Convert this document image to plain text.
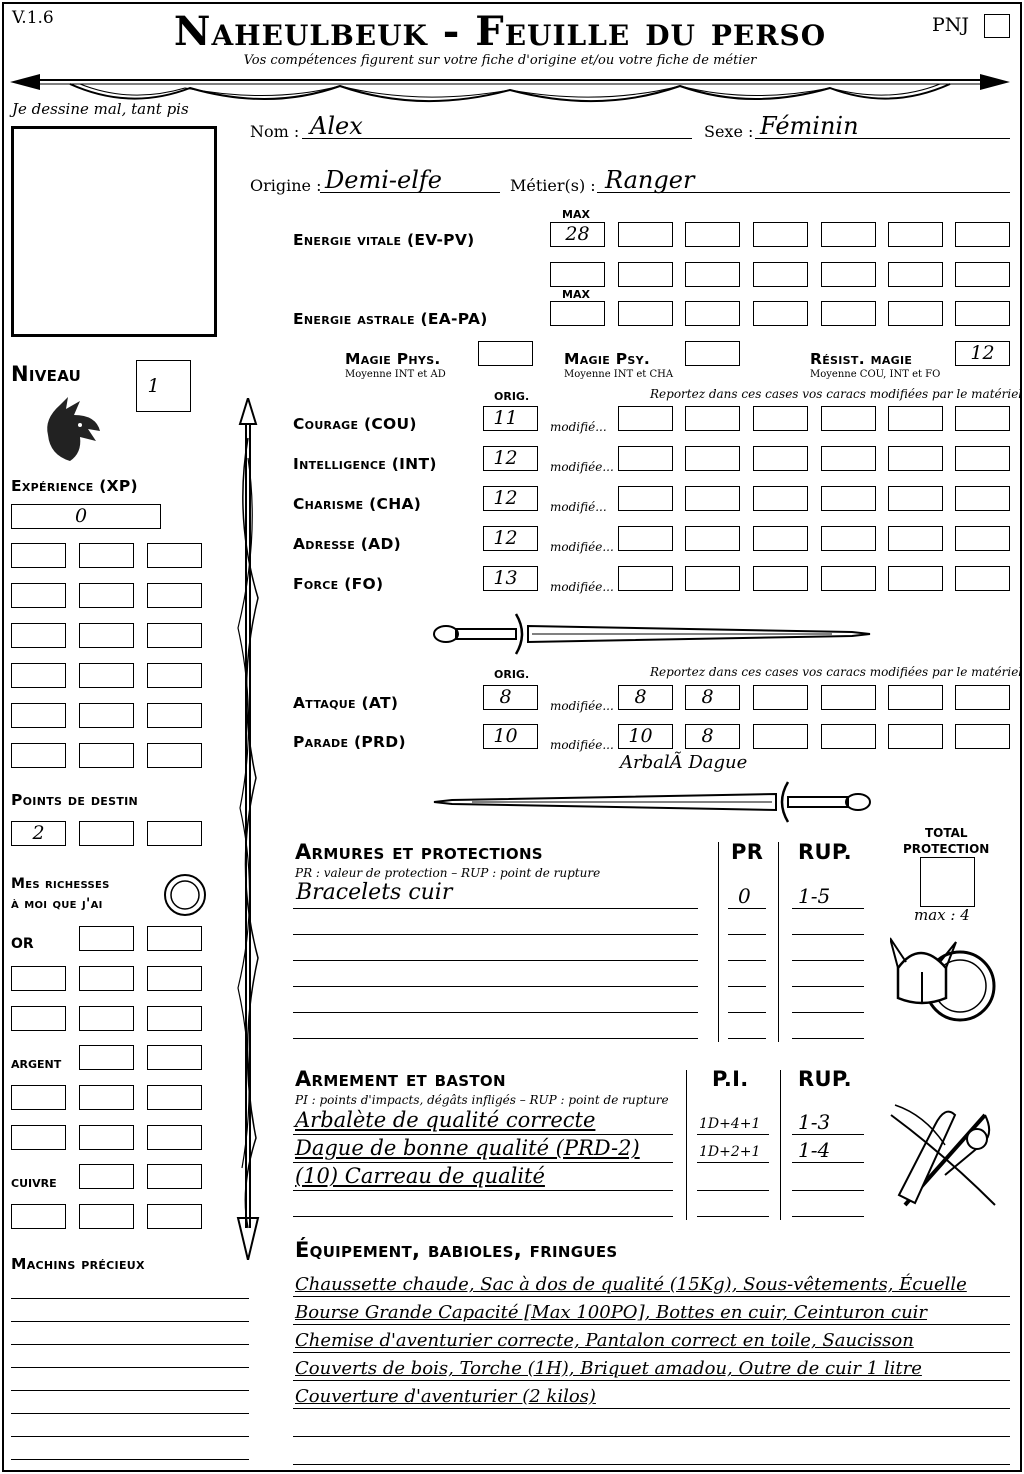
V.1.6	Naheulbeuk - Feuille du perso
Vos compétences figurent sur votre fiche d'origine et/ou votre fiche de métier
PNJ
Je dessine mal, tant pis
Nom : Alex	Sexe : Féminin
Origine : Demi-elfe	Métier(s) : Ranger
MAX
Energie vitale (EV-PV)	28
MAX
Energie astrale (EA-PA)
Magie Phys.
Moyenne INT et AD
Magie Psy.
Moyenne INT et CHA
Résist. magie
Moyenne COU, INT et FO
12
ORIG.	Reportez dans ces cases vos caracs modifiées par le matériel
ORIG.	Reportez dans ces cases vos caracs modifiées par le matériel
ArbalÃ Dague
Niveau	1
Expérience (XP)
0
Points de destin
2
Mes richesses
à moi que j'ai
OR
ARGENT
CUIVRE
Machins précieux
Armures et protections
PR : valeur de protection – RUP : point de rupture
PR RUP.
TOTAL
PROTECTION
max : 4
Armement et baston
PI : points d'impacts, dégâts infligés – RUP : point de rupture
P.I. RUP.
Équipement, babioles, fringues
Courage (COU)	11	modifié...
Intelligence (INT)	12	modifiée...
Charisme (CHA)	12	modifié...
Adresse (AD)	12	modifiée...
Force (FO)	13	modifiée...
Attaque (AT)	8	modifiée...	8	8
Parade (PRD)	10	modifiée... 10	8
Bracelets cuir	0 1-5
Arbalète de qualité correcte	1D+4+1 1-3
Dague de bonne qualité (PRD-2)	1D+2+1 1-4
(10) Carreau de qualité
Chaussette chaude, Sac à dos de qualité (15Kg), Sous-vêtements, Écuelle
Bourse Grande Capacité [Max 100PO], Bottes en cuir, Ceinturon cuir
Chemise d'aventurier correcte, Pantalon correct en toile, Saucisson
Couverts de bois, Torche (1H), Briquet amadou, Outre de cuir 1 litre
Couverture d'aventurier (2 kilos)
